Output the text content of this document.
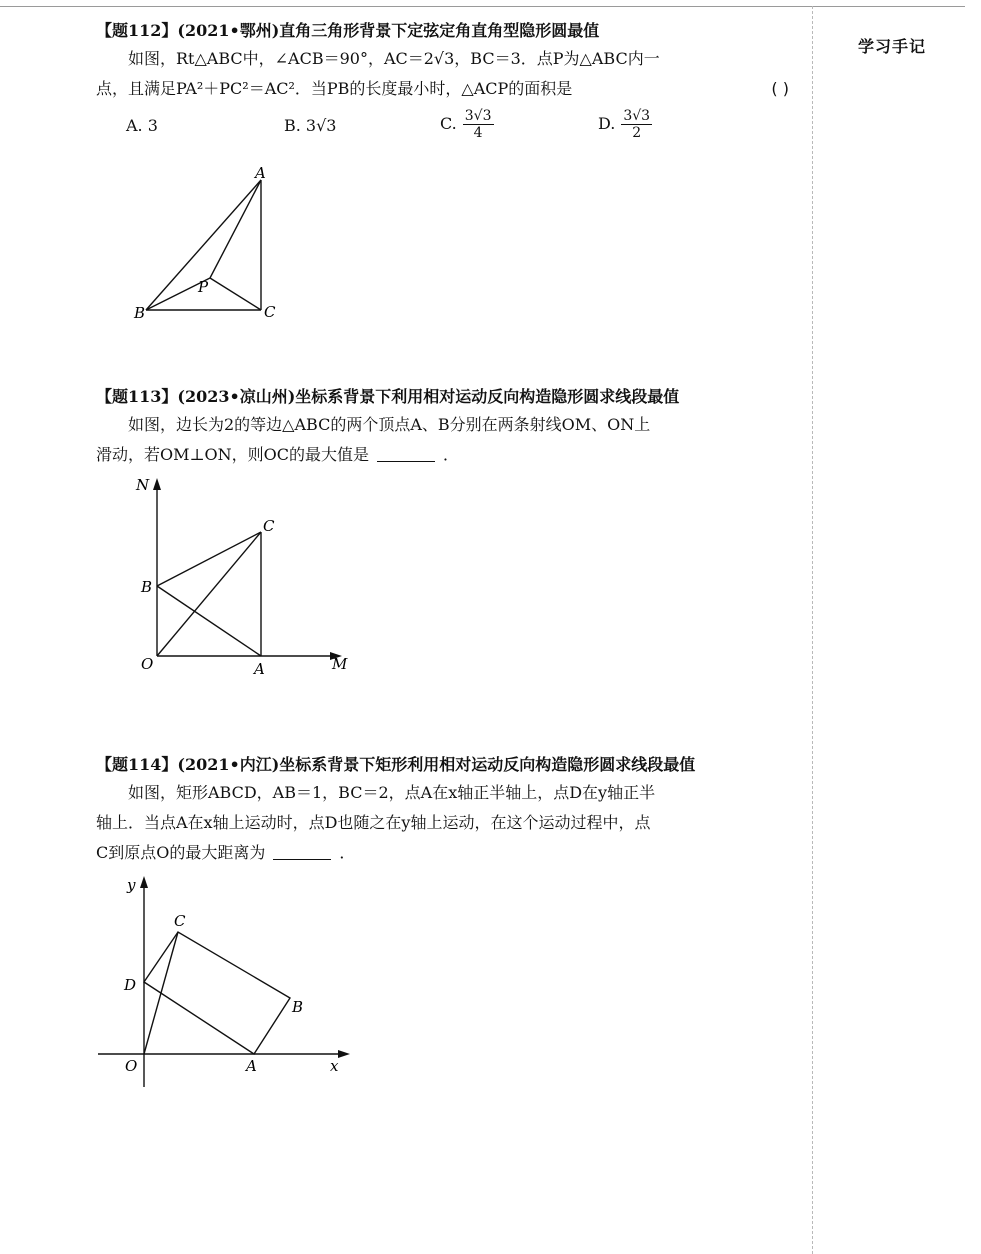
学习手记
【题112】(2021•鄂州)直角三角形背景下定弦定角直角型隐形圆最值
如图，Rt△ABC中，∠ACB＝90°，AC＝2√3，BC＝3．点P为△ABC内一
点，且满足PA²＋PC²＝AC²．当PB的长度最小时，△ACP的面积是	( )
A. 3	B. 3√3	C. $\frac{3√3}{4}$	D. $\frac{3√3}{2}$
A
B	C
P
【题113】(2023•凉山州)坐标系背景下利用相对运动反向构造隐形圆求线段最值
如图，边长为2的等边△ABC的两个顶点A、B分别在两条射线OM、ON上
滑动，若OM⊥ON，则OC的最大值是	．
N
M
O	A
B
C
【题114】(2021•内江)坐标系背景下矩形利用相对运动反向构造隐形圆求线段最值
如图，矩形ABCD，AB＝1，BC＝2，点A在x轴正半轴上，点D在y轴正半
轴上．当点A在x轴上运动时，点D也随之在y轴上运动，在这个运动过程中，点
C到原点O的最大距离为	．
y
x
O	A
B
C
D
